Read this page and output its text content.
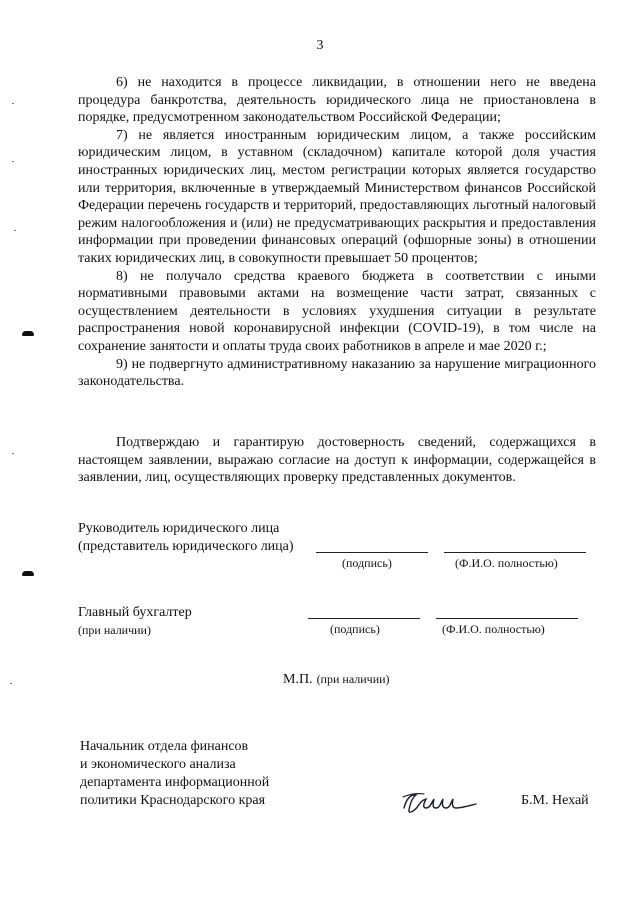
3

6) не находится в процессе ликвидации, в отношении него не введена процедура банкротства, деятельность юридического лица не приостановлена в порядке, предусмотренном законодательством Российской Федерации;

7) не является иностранным юридическим лицом, а также российским юридическим лицом, в уставном (складочном) капитале которой доля участия иностранных юридических лиц, местом регистрации которых является государство или территория, включенные в утверждаемый Министерством финансов Российской Федерации перечень государств и территорий, предоставляющих льготный налоговый режим налогообложения и (или) не предусматривающих раскрытия и предоставления информации при проведении финансовых операций (офшорные зоны) в отношении таких юридических лиц, в совокупности превышает 50 процентов;

8) не получало средства краевого бюджета в соответствии с иными нормативными правовыми актами на возмещение части затрат, связанных с осуществлением деятельности в условиях ухудшения ситуации в результате распространения новой коронавирусной инфекции (COVID-19), в том числе на сохранение занятости и оплаты труда своих работников в апреле и мае 2020 г.;

9) не подвергнуто административному наказанию за нарушение миграционного законодательства.

Подтверждаю и гарантирую достоверность сведений, содержащихся в настоящем заявлении, выражаю согласие на доступ к информации, содержащейся в заявлении, лиц, осуществляющих проверку представленных документов.

Руководитель юридического лица
(представитель юридического лица)
(подпись)	(Ф.И.О. полностью)
Главный бухгалтер
(при наличии)	(подпись)	(Ф.И.О. полностью)
М.П. (при наличии)
Начальник отдела финансов
и экономического анализа
департамента информационной
политики Краснодарского края	Б.М. Нехай
